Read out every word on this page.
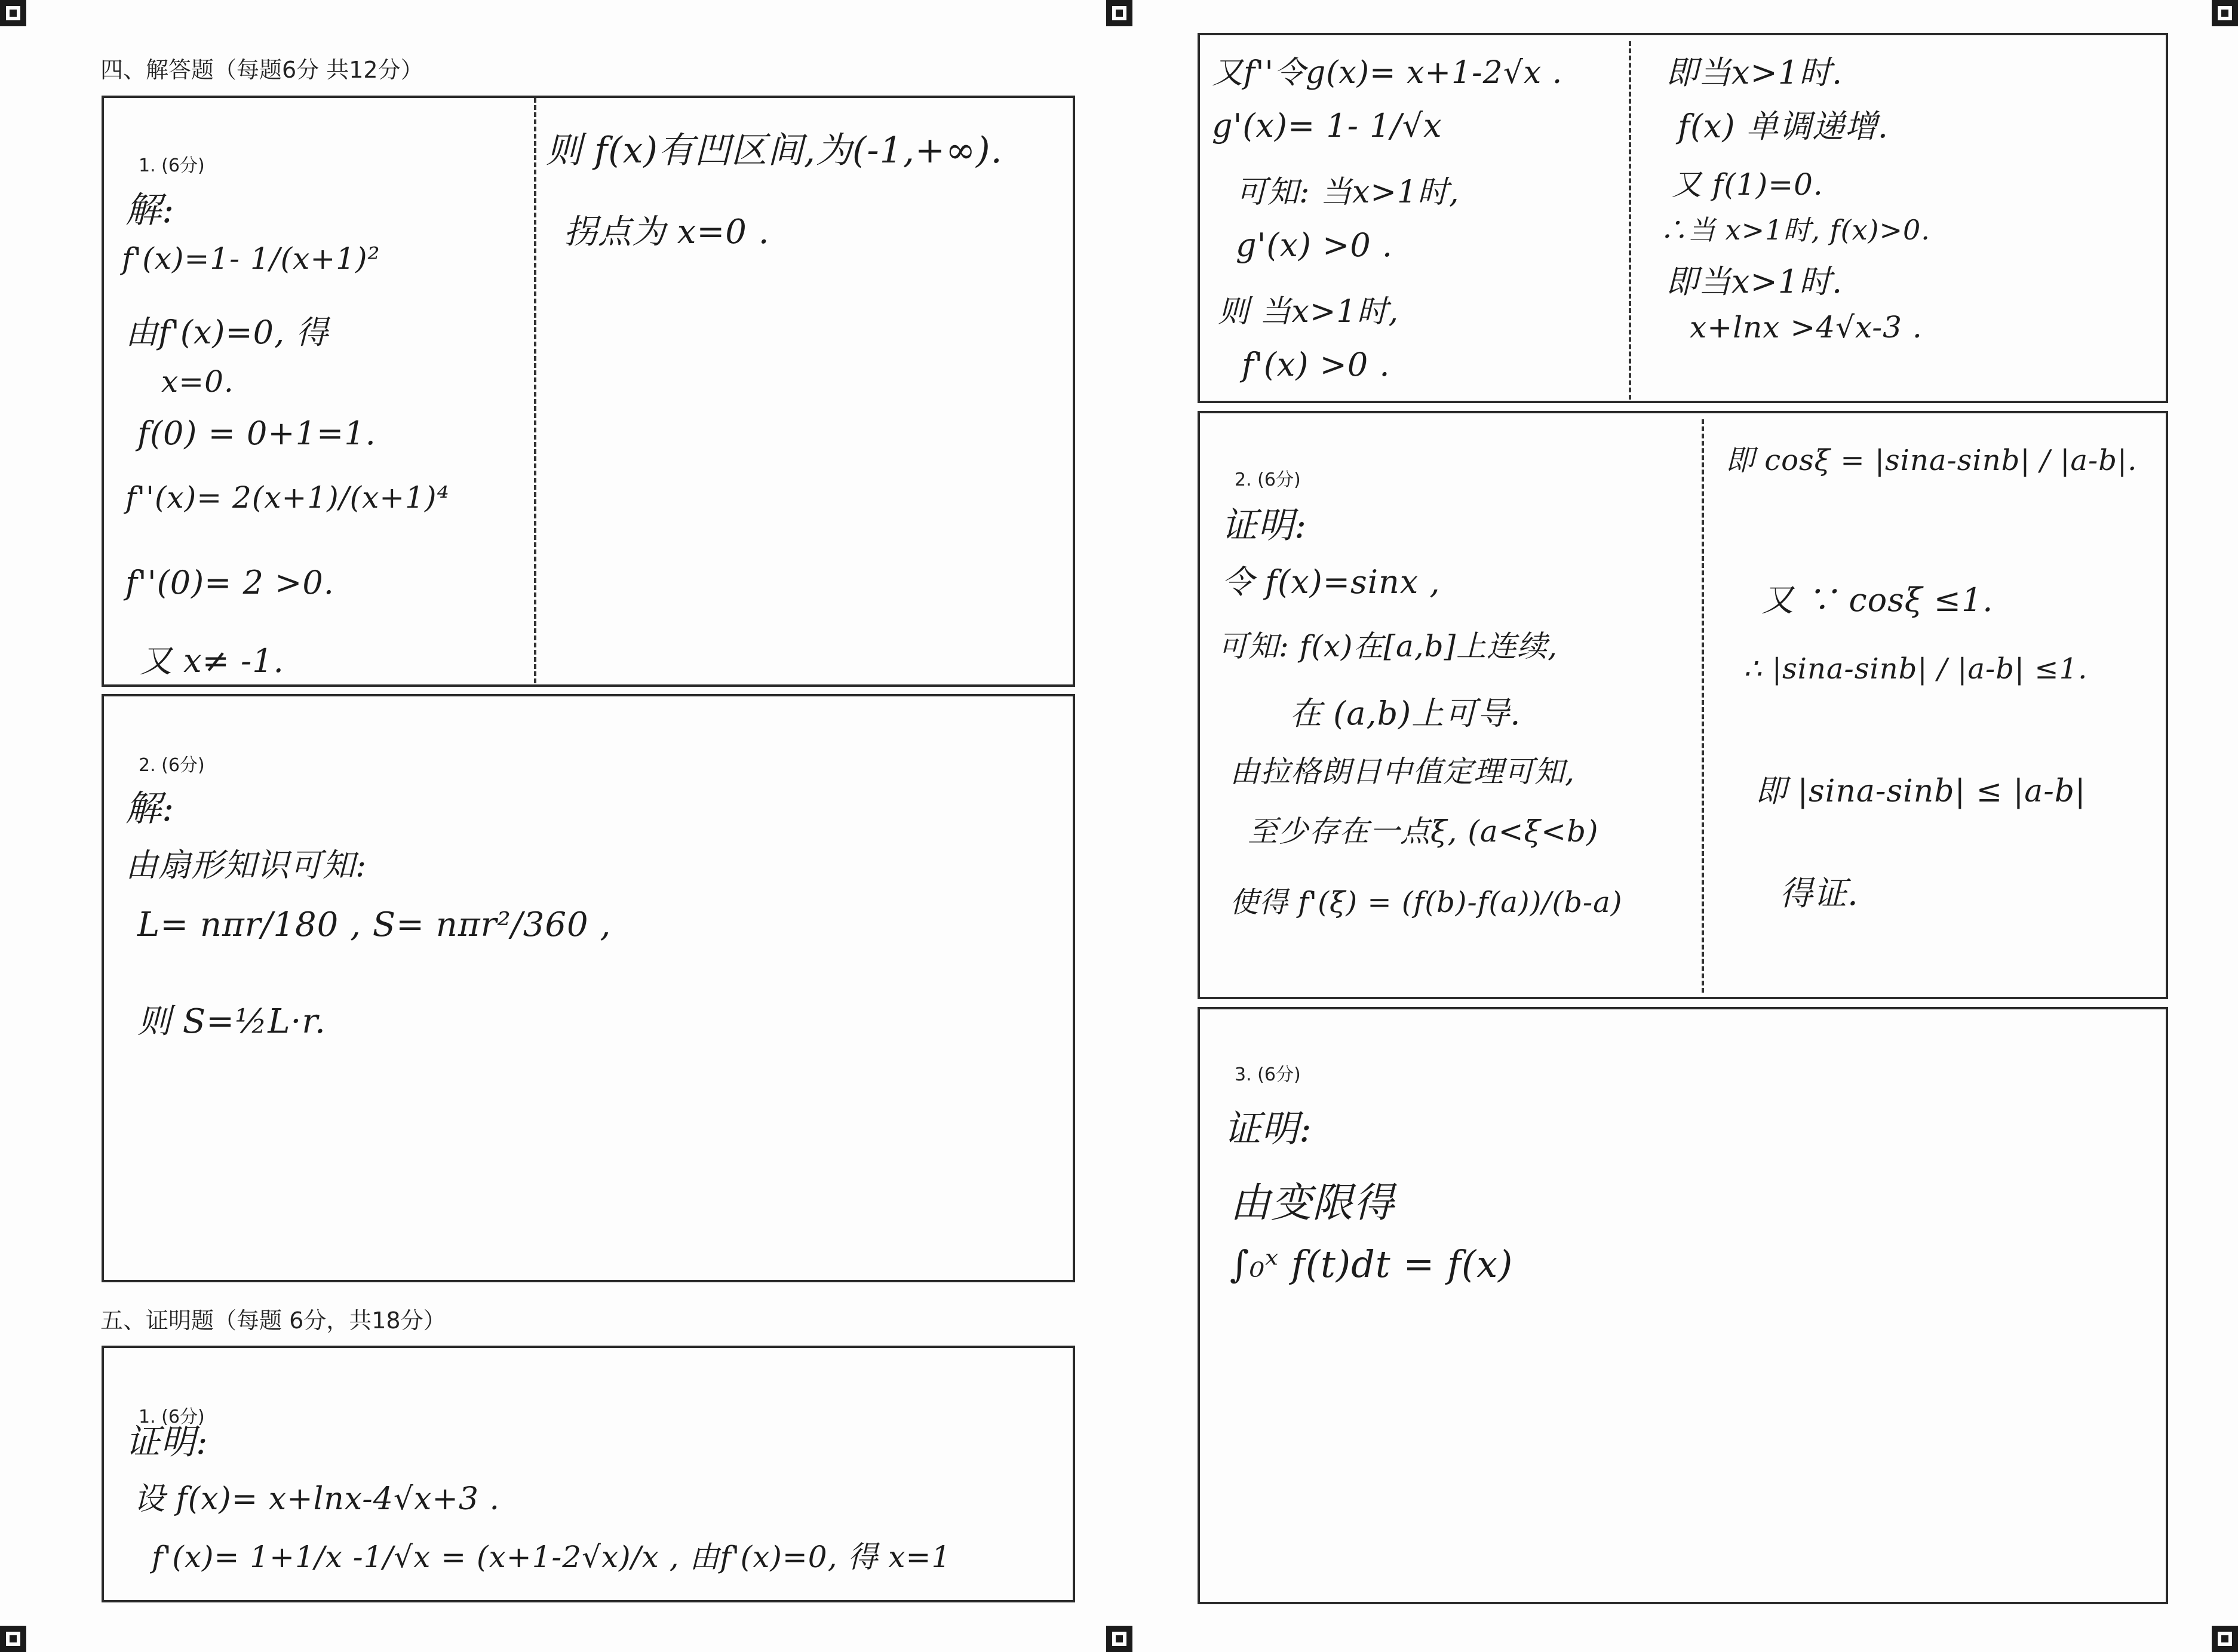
四、解答题（每题6分 共12分）
1. (6分)
解:
f'(x)=1- 1/(x+1)²
由f'(x)=0, 得
x=0.
f(0) = 0+1=1.
f''(x)= 2(x+1)/(x+1)⁴
f''(0)= 2 >0.
又 x≠ -1.
则 f(x)有凹区间,为(-1,+∞).
拐点为 x=0 .
2. (6分)
解:
由扇形知识可知:
L= nπr/180 , S= nπr²/360 ,
则 S=½L·r.
五、证明题（每题 6分，共18分）
1. (6分)
证明:
设 f(x)= x+lnx-4√x+3 .
f'(x)= 1+1/x -1/√x = (x+1-2√x)/x , 由f'(x)=0, 得 x=1
又f''令g(x)= x+1-2√x .
g'(x)= 1- 1/√x
可知: 当x>1时,
g'(x) >0 .
则 当x>1时,
f'(x) >0 .
即当x>1时.
f(x) 单调递增.
又 f(1)=0.
∴当 x>1时, f(x)>0.
即当x>1时.
x+lnx >4√x-3 .
2. (6分)
证明:
令 f(x)=sinx ,
可知: f(x)在[a,b]上连续,
在 (a,b)上可导.
由拉格朗日中值定理可知,
至少存在一点ξ, (a<ξ<b)
使得 f'(ξ) = (f(b)-f(a))/(b-a)
即 cosξ = |sina-sinb| / |a-b|.
又 ∵ cosξ ≤1.
∴ |sina-sinb| / |a-b| ≤1.
即 |sina-sinb| ≤ |a-b|
得证.
3. (6分)
证明:
由变限得
∫₀ˣ f(t)dt = f(x)
